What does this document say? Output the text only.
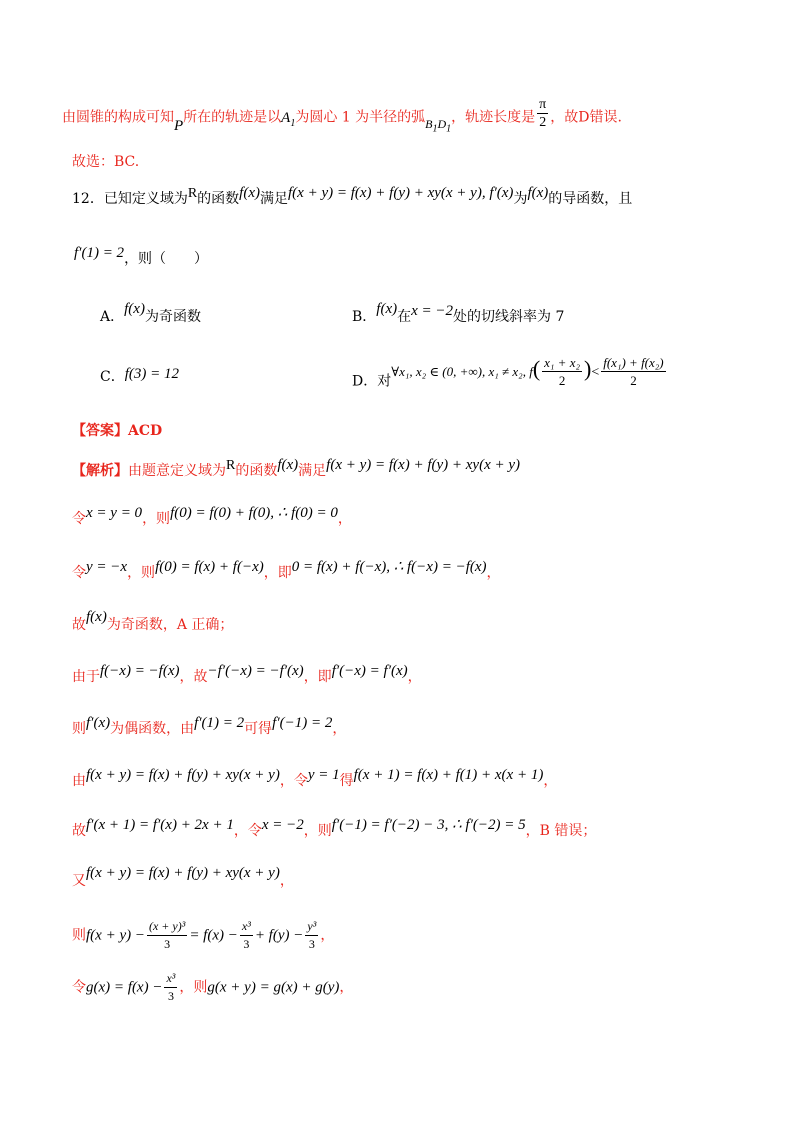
由圆锥的构成可知P所在的轨迹是以$A_1$为圆心 1 为半径的弧$B_1D_1$，轨迹长度是 $\frac{\pi}{2}$ ，故D错误.
故选：BC.
12．已知定义域为R的函数f(x)满足f(x + y) = f(x) + f(y) + xy(x + y), f′(x)为f(x)的导函数，且
f′(1) = 2，则（　　）
A．f(x)为奇函数	B．f(x)在x = −2处的切线斜率为 7
C．f(3) = 12	D．对∀x₁, x₂ ∈ (0, +∞), x₁ ≠ x₂, $f( \frac{\text{x₁ + x₂}}{2}$ )< $\frac{\text{f(x₁) + f(x₂)}}{2}$
【答案】ACD
【解析】由题意定义域为R的函数f(x)满足f(x + y) = f(x) + f(y) + xy(x + y)
令x = y = 0，则f(0) = f(0) + f(0), ∴ f(0) = 0，
令y = −x，则f(0) = f(x) + f(−x)，即0 = f(x) + f(−x), ∴ f(−x) = −f(x)，
故f(x)为奇函数，A 正确；
由于f(−x) = −f(x)，故−f′(−x) = −f′(x)，即f′(−x) = f′(x)，
则f′(x)为偶函数，由f′(1) = 2可得f′(−1) = 2，
由f(x + y) = f(x) + f(y) + xy(x + y)，令y = 1得f(x + 1) = f(x) + f(1) + x(x + 1)，
故f′(x + 1) = f′(x) + 2x + 1，令x = −2，则f′(−1) = f′(−2) − 3, ∴ f′(−2) = 5，B 错误；
又f(x + y) = f(x) + f(y) + xy(x + y)，
则$f(x + y) - \frac{\text{(x + y)³}}{3} = f(x) - \frac{\text{x³}}{3} + f(y) - \frac{\text{y³}}{3}$ ，
令$g(x) = f(x) - \frac{\text{x³}}{3}$ ，则g(x + y) = g(x) + g(y)，
